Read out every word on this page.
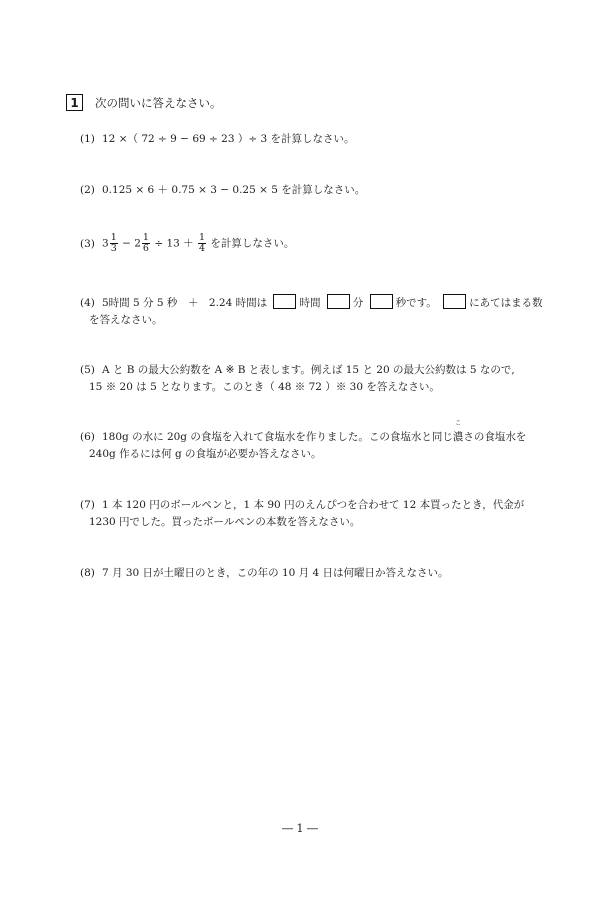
1	次の問いに答えなさい。
(1) 12 ×（ 72 ÷ 9 − 69 ÷ 23 ）÷ 3 を計算しなさい。
(2) 0.125 × 6 ＋ 0.75 × 3 − 0.25 × 5 を計算しなさい。
(3) $3 \frac{1}{3} - 2 \frac{1}{6} \div 13 + \frac{1}{4}$ を計算しなさい。
(4) 5時間 5 分 5 秒　＋　2.24 時間は	時間	分	秒です。	にあてはまる数
を答えなさい。
(5) A と B の最大公約数を A ※ B と表します。例えば 15 と 20 の最大公約数は 5 なので,
15 ※ 20 は 5 となります。このとき（ 48 ※ 72 ）※ 30 を答えなさい。
(6) 180g の水に 20g の食塩を入れて食塩水を作りました。この食塩水と同じ
こ
濃さの食塩水を
240g 作るには何 g の食塩が必要か答えなさい。
(7) 1 本 120 円のボールペンと，1 本 90 円のえんぴつを合わせて 12 本買ったとき，代金が
1230 円でした。買ったボールペンの本数を答えなさい。
(8) 7 月 30 日が土曜日のとき，この年の 10 月 4 日は何曜日か答えなさい。
― 1 ―
